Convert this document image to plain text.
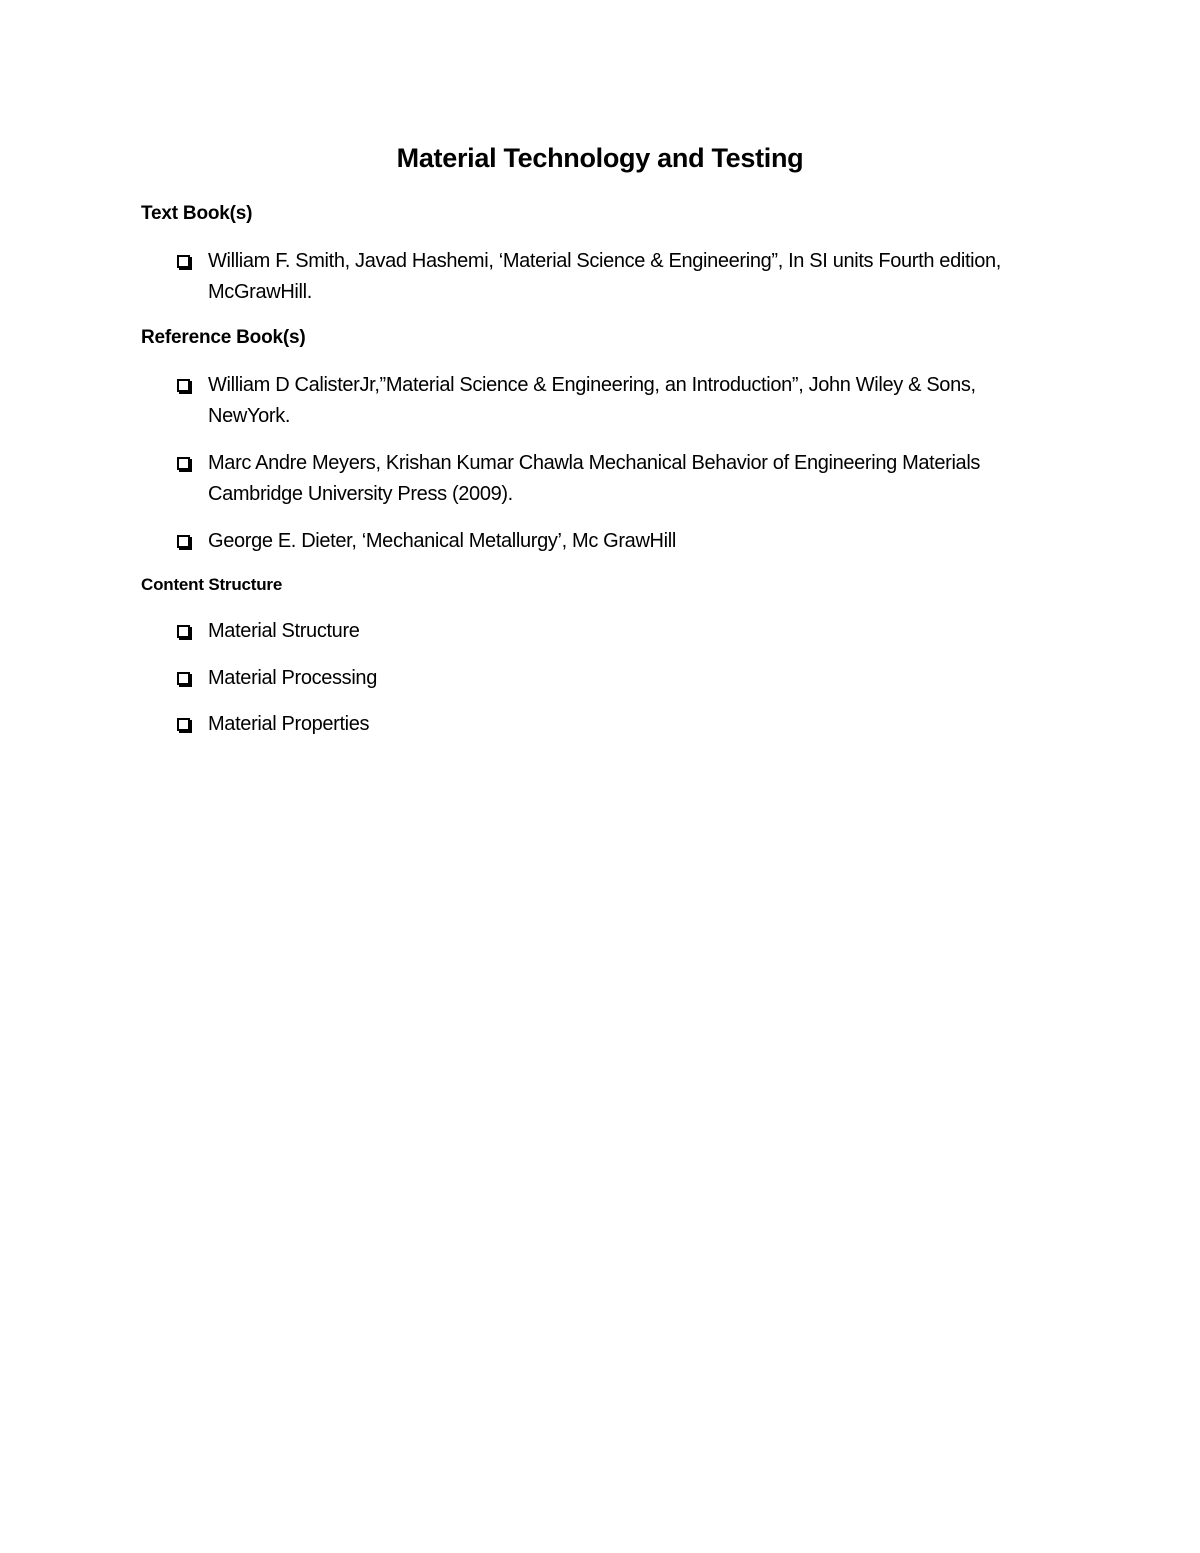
Material Technology and Testing
Text Book(s)
William F. Smith, Javad Hashemi, ‘Material Science & Engineering”, In SI units Fourth edition, McGrawHill.
Reference Book(s)
William D CalisterJr,”Material Science & Engineering, an Introduction”, John Wiley & Sons, NewYork.
Marc Andre Meyers, Krishan Kumar Chawla Mechanical Behavior of Engineering Materials Cambridge University Press (2009).
George E. Dieter, ‘Mechanical Metallurgy’, Mc GrawHill
Content Structure
Material Structure
Material Processing
Material Properties
